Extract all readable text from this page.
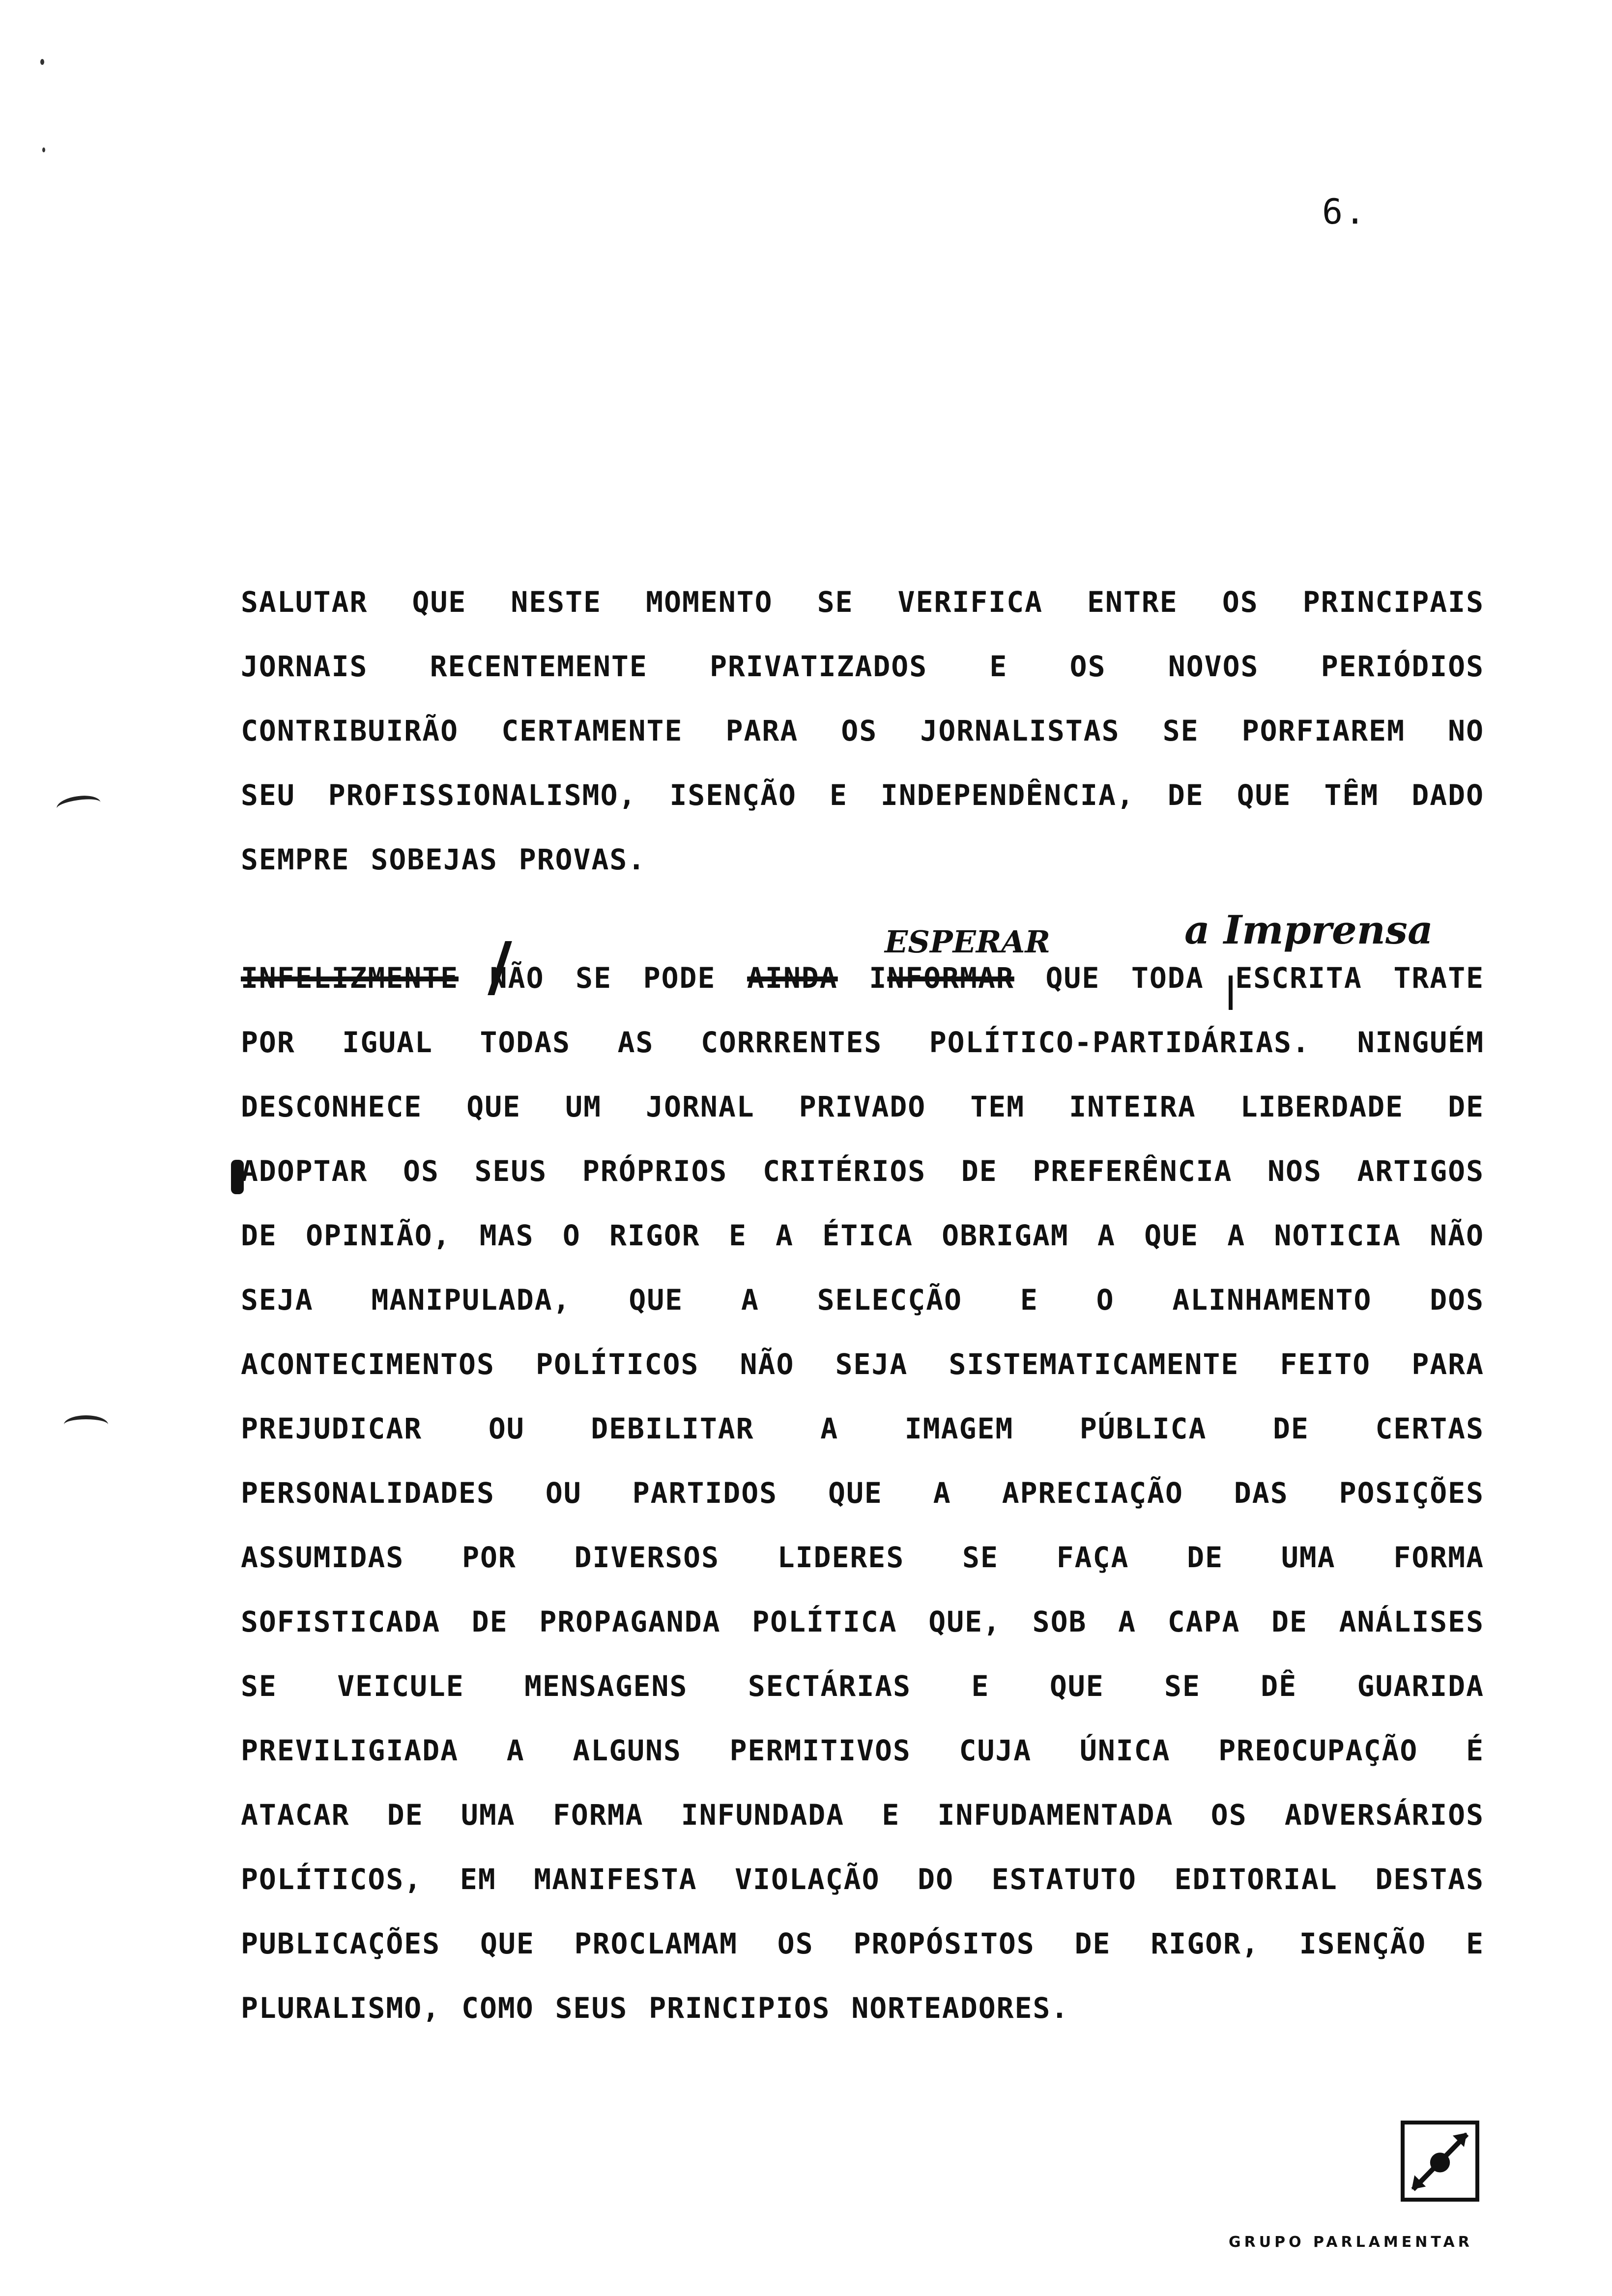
6.
SALUTAR QUE NESTE MOMENTO SE VERIFICA ENTRE OS PRINCIPAIS
JORNAIS RECENTEMENTE PRIVATIZADOS E OS NOVOS PERIÓDIOS
CONTRIBUIRÃO CERTAMENTE PARA OS JORNALISTAS SE PORFIAREM NO
SEU PROFISSIONALISMO, ISENÇÃO E INDEPENDÊNCIA, DE QUE TÊM DADO
SEMPRE SOBEJAS PROVAS.
ESPERAR	a Imprensa
INFELIZMENTE NÃO SE PODE AINDA INFORMAR QUE TODA ESCRITA TRATE
POR IGUAL TODAS AS CORRRENTES POLÍTICO-PARTIDÁRIAS. NINGUÉM
DESCONHECE QUE UM JORNAL PRIVADO TEM INTEIRA LIBERDADE DE
ADOPTAR OS SEUS PRÓPRIOS CRITÉRIOS DE PREFERÊNCIA NOS ARTIGOS
DE OPINIÃO, MAS O RIGOR E A ÉTICA OBRIGAM A QUE A NOTICIA NÃO
SEJA MANIPULADA, QUE A SELECÇÃO E O ALINHAMENTO DOS
ACONTECIMENTOS POLÍTICOS NÃO SEJA SISTEMATICAMENTE FEITO PARA
PREJUDICAR OU DEBILITAR A IMAGEM PÚBLICA DE CERTAS
PERSONALIDADES OU PARTIDOS QUE A APRECIAÇÃO DAS POSIÇÕES
ASSUMIDAS POR DIVERSOS LIDERES SE FAÇA DE UMA FORMA
SOFISTICADA DE PROPAGANDA POLÍTICA QUE, SOB A CAPA DE ANÁLISES
SE VEICULE MENSAGENS SECTÁRIAS E QUE SE DÊ GUARIDA
PREVILIGIADA A ALGUNS PERMITIVOS CUJA ÚNICA PREOCUPAÇÃO É
ATACAR DE UMA FORMA INFUNDADA E INFUDAMENTADA OS ADVERSÁRIOS
POLÍTICOS, EM MANIFESTA VIOLAÇÃO DO ESTATUTO EDITORIAL DESTAS
PUBLICAÇÕES QUE PROCLAMAM OS PROPÓSITOS DE RIGOR, ISENÇÃO E
PLURALISMO, COMO SEUS PRINCIPIOS NORTEADORES.
GRUPO PARLAMENTAR
